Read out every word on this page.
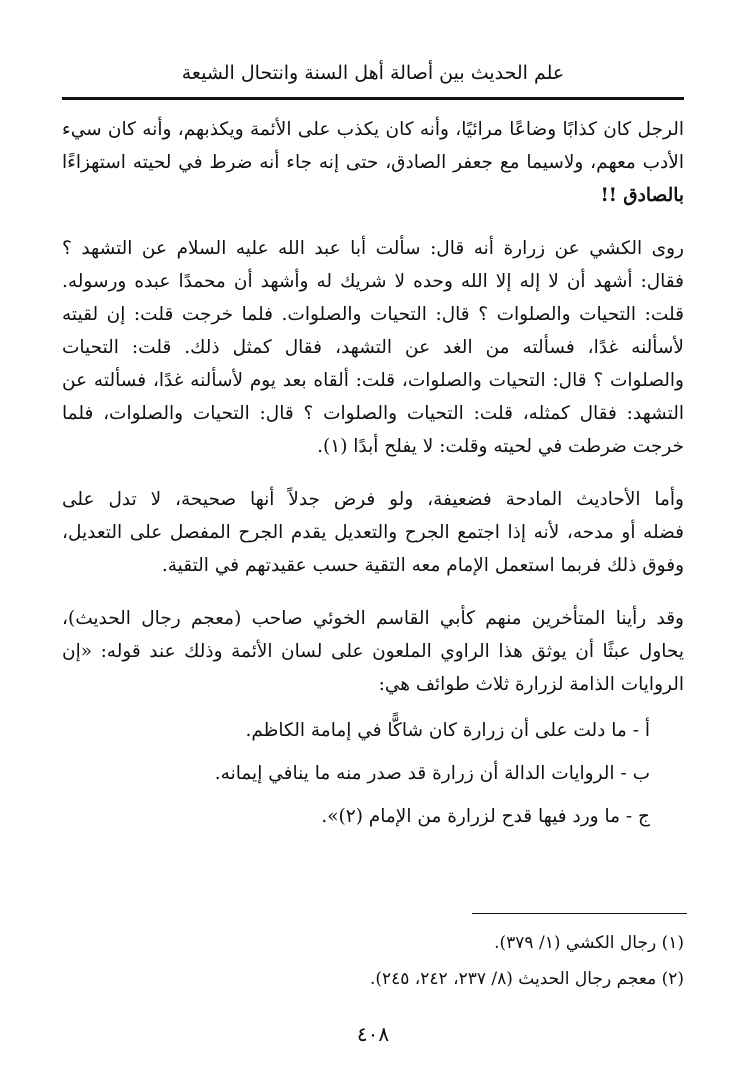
علم الحديث بين أصالة أهل السنة وانتحال الشيعة

الرجل كان كذابًا وضاعًا مرائيًا، وأنه كان يكذب على الأئمة ويكذبهم، وأنه كان سيء
الأدب معهم، ولاسيما مع جعفر الصادق، حتى إنه جاء أنه ضرط في لحيته استهزاءًا
بالصادق !!

روى الكشي عن زرارة أنه قال: سألت أبا عبد الله عليه السلام عن التشهد ؟
فقال: أشهد أن لا إله إلا الله وحده لا شريك له وأشهد أن محمدًا عبده ورسوله.
قلت: التحيات والصلوات ؟ قال: التحيات والصلوات. فلما خرجت قلت: إن لقيته
لأسألنه غدًا، فسألته من الغد عن التشهد، فقال كمثل ذلك. قلت: التحيات
والصلوات ؟ قال: التحيات والصلوات، قلت: ألقاه بعد يوم لأسألنه غدًا، فسألته عن
التشهد: فقال كمثله، قلت: التحيات والصلوات ؟ قال: التحيات والصلوات، فلما
خرجت ضرطت في لحيته وقلت: لا يفلح أبدًا (١).

وأما الأحاديث المادحة فضعيفة، ولو فرض جدلاً أنها صحيحة، لا تدل على
فضله أو مدحه، لأنه إذا اجتمع الجرح والتعديل يقدم الجرح المفصل على التعديل،
وفوق ذلك فربما استعمل الإمام معه التقية حسب عقيدتهم في التقية.

وقد رأينا المتأخرين منهم كأبي القاسم الخوئي صاحب (معجم رجال الحديث)،
يحاول عبثًا أن يوثق هذا الراوي الملعون على لسان الأئمة وذلك عند قوله: «إن
الروايات الذامة لزرارة ثلاث طوائف هي:

أ - ما دلت على أن زرارة كان شاكًّا في إمامة الكاظم.
ب - الروايات الدالة أن زرارة قد صدر منه ما ينافي إيمانه.
ج - ما ورد فيها قدح لزرارة من الإمام (٢)».
(١) رجال الكشي (١/ ٣٧٩).
(٢) معجم رجال الحديث (٨/ ٢٣٧، ٢٤٢، ٢٤٥).
٤٠٨
